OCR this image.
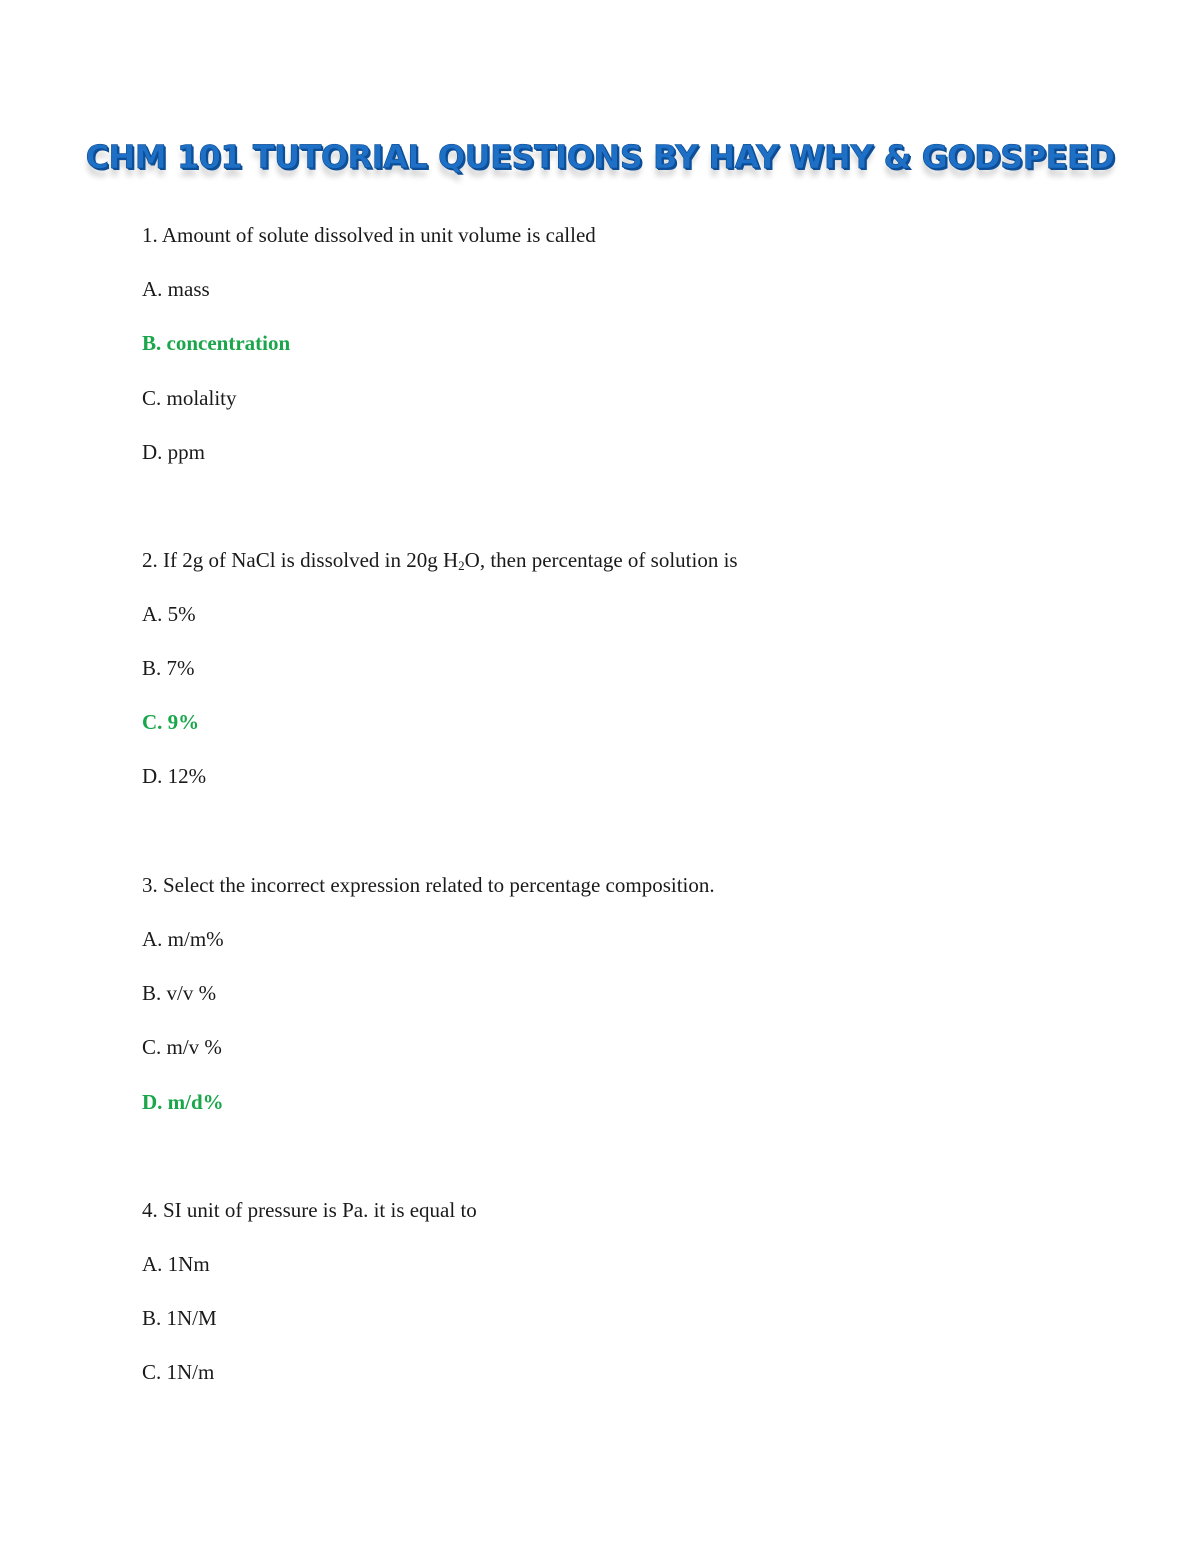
CHM 101 TUTORIAL QUESTIONS BY HAY WHY & GODSPEED
1. Amount of solute dissolved in unit volume is called
A. mass
B. concentration
C. molality
D. ppm
2. If 2g of NaCl is dissolved in 20g $H_2O$, then percentage of solution is
A. 5%
B. 7%
C. 9%
D. 12%
3. Select the incorrect expression related to percentage composition.
A. m/m%
B. v/v %
C. m/v %
D. m/d%
4. SI unit of pressure is Pa. it is equal to
A. 1Nm
B. 1N/M
C. 1N/m
